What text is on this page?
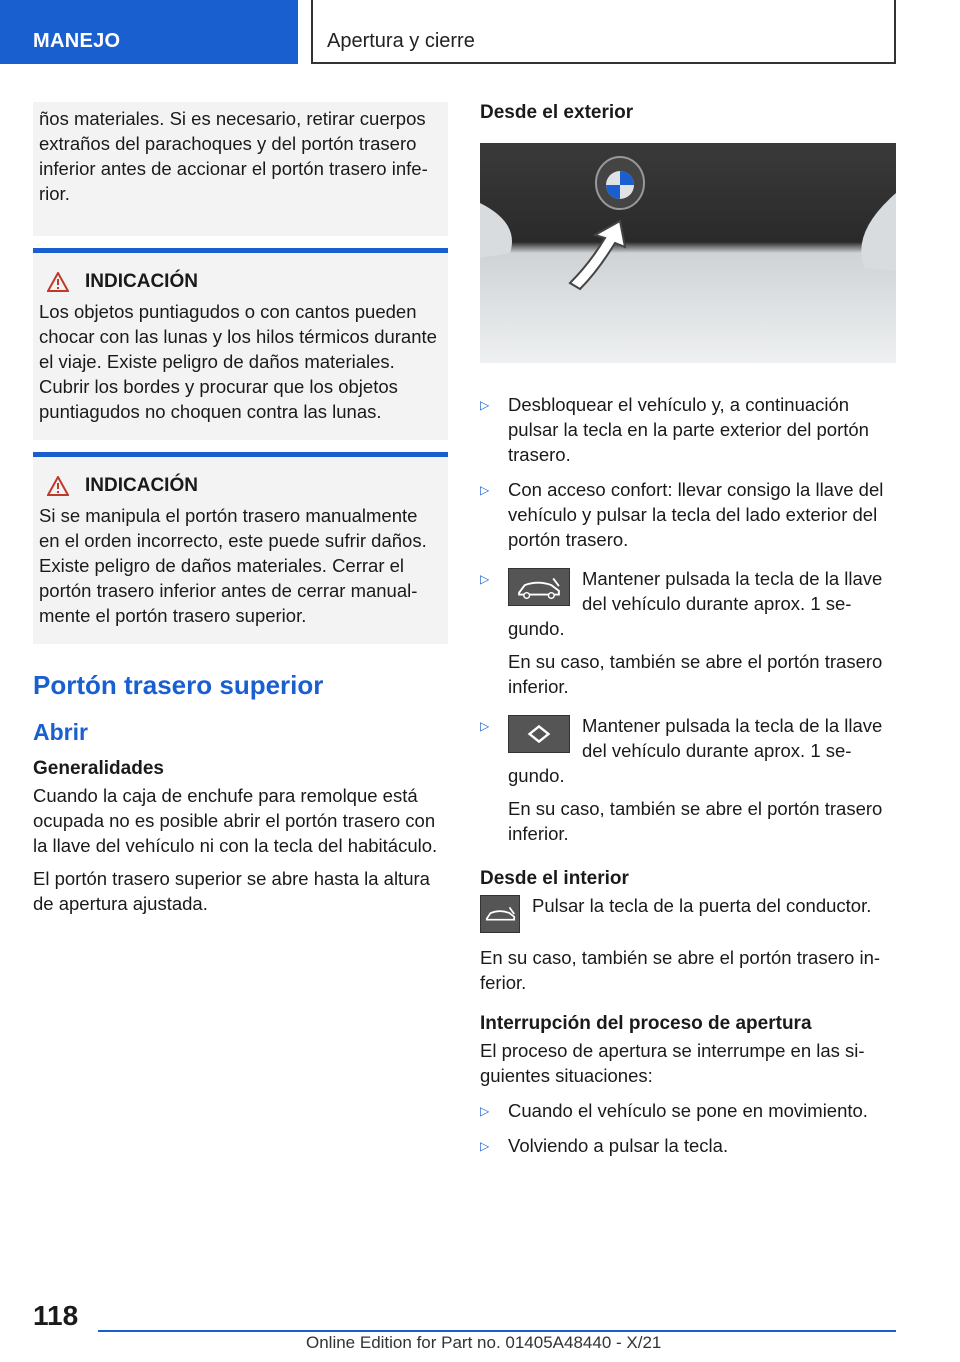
MANEJO	Apertura y cierre

ños materiales. Si es necesario, retirar cuerpos extraños del parachoques y del portón trasero inferior antes de accionar el portón trasero inferior.

INDICACIÓN

Los objetos puntiagudos o con cantos pueden chocar con las lunas y los hilos térmicos durante el viaje. Existe peligro de daños materiales. Cubrir los bordes y procurar que los objetos puntiagudos no choquen contra las lunas.

INDICACIÓN

Si se manipula el portón trasero manualmente en el orden incorrecto, este puede sufrir daños. Existe peligro de daños materiales. Cerrar el portón trasero inferior antes de cerrar manualmente el portón trasero superior.

Portón trasero superior
Abrir
Generalidades

Cuando la caja de enchufe para remolque está ocupada no es posible abrir el portón trasero con la llave del vehículo ni con la tecla del habitáculo.

El portón trasero superior se abre hasta la altura de apertura ajustada.

Desde el exterior
▷	Desbloquear el vehículo y, a continuación pulsar la tecla en la parte exterior del portón trasero.

▷	Con acceso confort: llevar consigo la llave del vehículo y pulsar la tecla del lado exterior del portón trasero.

▷	Mantener pulsada la tecla de la llave del vehículo durante aprox. 1 segundo.

En su caso, también se abre el portón trasero inferior.

▷	Mantener pulsada la tecla de la llave del vehículo durante aprox. 1 segundo.

En su caso, también se abre el portón trasero inferior.

Desde el interior

Pulsar la tecla de la puerta del conductor.

En su caso, también se abre el portón trasero inferior.

Interrupción del proceso de apertura

El proceso de apertura se interrumpe en las siguientes situaciones:

▷	Cuando el vehículo se pone en movimiento.

▷	Volviendo a pulsar la tecla.

118
Online Edition for Part no. 01405A48440 - X/21
